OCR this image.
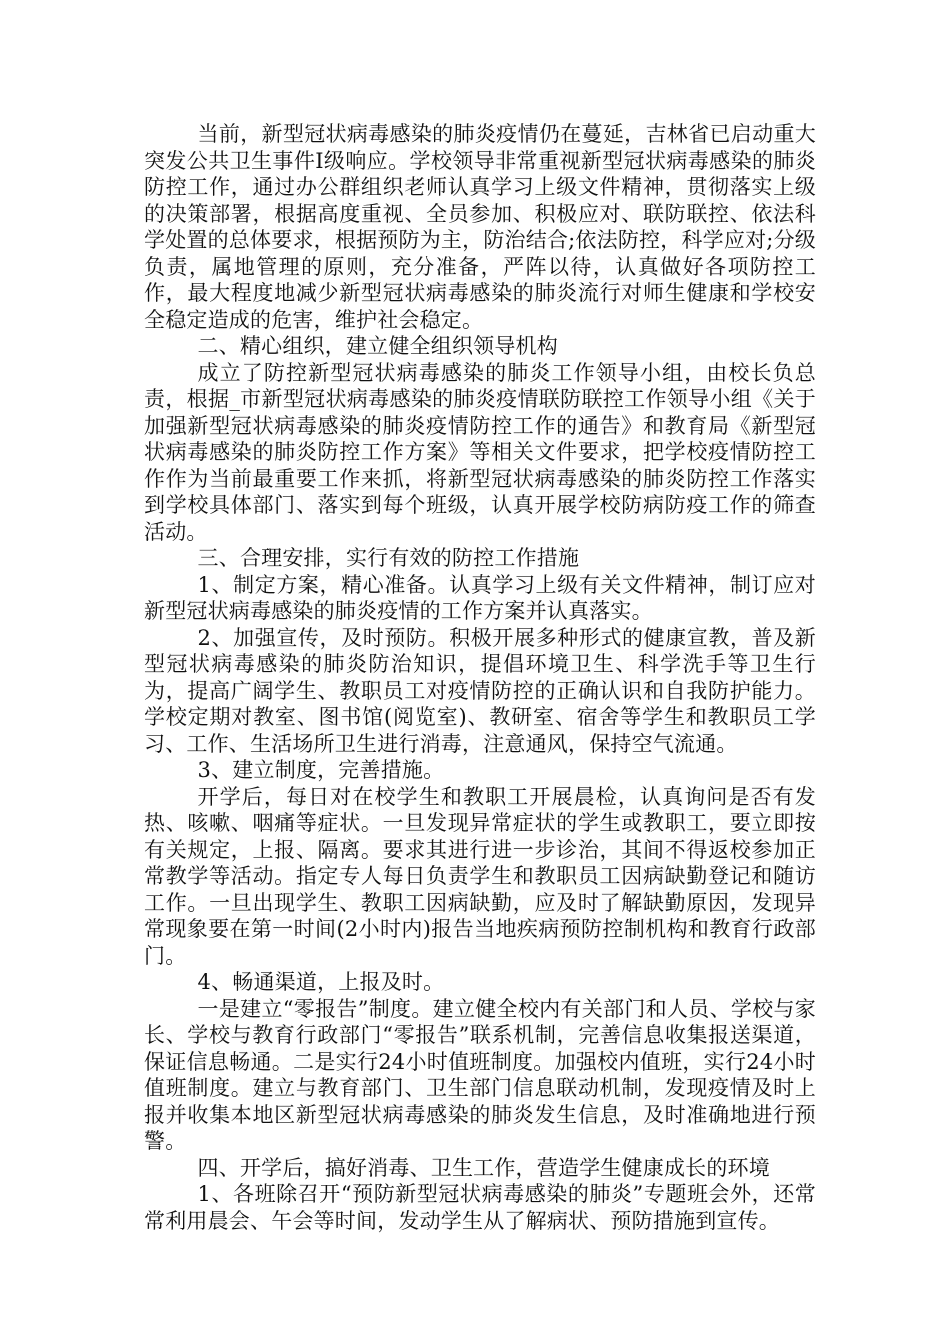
当前，新型冠状病毒感染的肺炎疫情仍在蔓延，吉林省已启动重大突发公共卫生事件Ⅰ级响应。学校领导非常重视新型冠状病毒感染的肺炎防控工作，通过办公群组织老师认真学习上级文件精神，贯彻落实上级的决策部署，根据高度重视、全员参加、积极应对、联防联控、依法科学处置的总体要求，根据预防为主，防治结合;依法防控，科学应对;分级负责，属地管理的原则，充分准备，严阵以待，认真做好各项防控工作，最大程度地减少新型冠状病毒感染的肺炎流行对师生健康和学校安全稳定造成的危害，维护社会稳定。

二、精心组织，建立健全组织领导机构

成立了防控新型冠状病毒感染的肺炎工作领导小组，由校长负总责，根据_市新型冠状病毒感染的肺炎疫情联防联控工作领导小组《关于加强新型冠状病毒感染的肺炎疫情防控工作的通告》和教育局《新型冠状病毒感染的肺炎防控工作方案》等相关文件要求，把学校疫情防控工作作为当前最重要工作来抓，将新型冠状病毒感染的肺炎防控工作落实到学校具体部门、落实到每个班级，认真开展学校防病防疫工作的筛查活动。

三、合理安排，实行有效的防控工作措施

1、制定方案，精心准备。认真学习上级有关文件精神，制订应对新型冠状病毒感染的肺炎疫情的工作方案并认真落实。

2、加强宣传，及时预防。积极开展多种形式的健康宣教，普及新型冠状病毒感染的肺炎防治知识，提倡环境卫生、科学洗手等卫生行为，提高广阔学生、教职员工对疫情防控的正确认识和自我防护能力。学校定期对教室、图书馆(阅览室)、教研室、宿舍等学生和教职员工学习、工作、生活场所卫生进行消毒，注意通风，保持空气流通。

3、建立制度，完善措施。

开学后，每日对在校学生和教职工开展晨检，认真询问是否有发热、咳嗽、咽痛等症状。一旦发现异常症状的学生或教职工，要立即按有关规定，上报、隔离。要求其进行进一步诊治，其间不得返校参加正常教学等活动。指定专人每日负责学生和教职员工因病缺勤登记和随访工作。一旦出现学生、教职工因病缺勤，应及时了解缺勤原因，发现异常现象要在第一时间(2小时内)报告当地疾病预防控制机构和教育行政部门。

4、畅通渠道，上报及时。

一是建立“零报告”制度。建立健全校内有关部门和人员、学校与家长、学校与教育行政部门“零报告”联系机制，完善信息收集报送渠道，保证信息畅通。二是实行24小时值班制度。加强校内值班，实行24小时值班制度。建立与教育部门、卫生部门信息联动机制，发现疫情及时上报并收集本地区新型冠状病毒感染的肺炎发生信息，及时准确地进行预警。

四、开学后，搞好消毒、卫生工作，营造学生健康成长的环境

1、各班除召开“预防新型冠状病毒感染的肺炎”专题班会外，还常常利用晨会、午会等时间，发动学生从了解病状、预防措施到宣传。
